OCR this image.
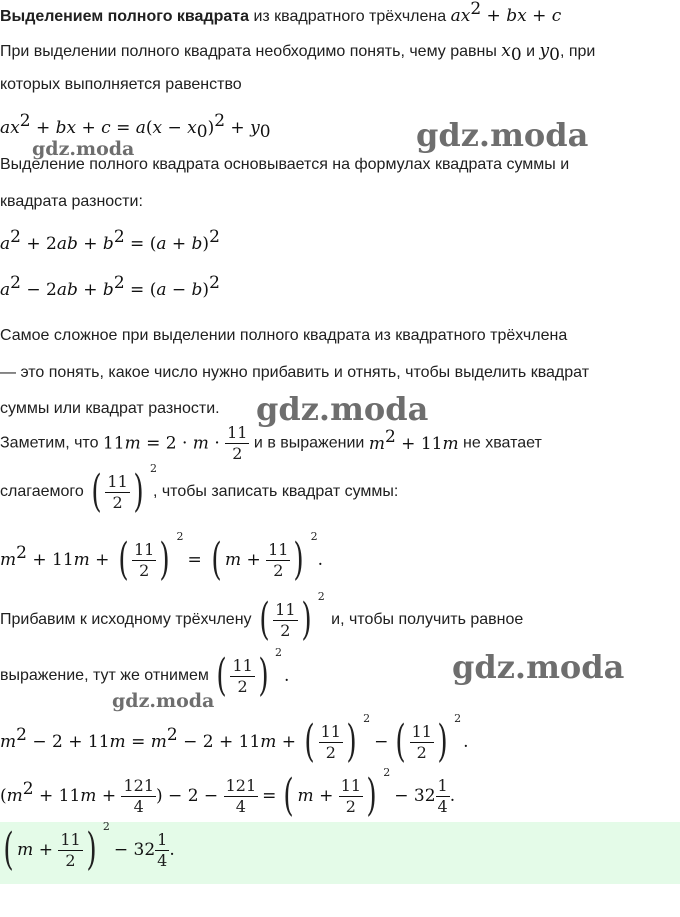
Выделением полного квадрата из квадратного трёхчлена $ax^2$ + bx + c
При выделении полного квадрата необходимо понять, чему равны $x_0$ и $y_0$, при
которых выполняется равенство
$ax^2$ + bx + $c = a(x - x_0)^2 + y_0$
Выделение полного квадрата основывается на формулах квадрата суммы и
квадрата разности:
$a^2 + 2ab + b^2 = (a + b)^2$
$a^2 - 2ab + b^2 = (a - b)^2$
Самое сложное при выделении полного квадрата из квадратного трёхчлена
— это понять, какое число нужно прибавить и отнять, чтобы выделить квадрат
суммы или квадрат разности.
Заметим, что $11m = 2 \cdot m \cdot \frac{11}{2}$ и в выражении $m^2 + 11m$ не хватает
слагаемого ( $\frac{11}{2}$ ) 2
, чтобы записать квадрат суммы:
$m^2 + 11m$ + ( $\frac{11}{2}$ ) 2
= ( $m + \frac{11}{2}$ ) 2
.
Прибавим к исходному трёхчлену ( $\frac{11}{2}$ ) 2
и, чтобы получить равное
выражение, тут же отнимем ( $\frac{11}{2}$ ) 2
.
$m^2 - 2 + 11m = m^2 - 2 + 11m$ + ( $\frac{11}{2}$ ) 2
− ( $\frac{11}{2}$ ) 2
.
($m^2 + 11m + \frac{121}{4}$ ) − $2 - \frac{121}{4}$ = ( $m + \frac{11}{2}$ ) 2
− $32 \frac{1}{4}$ .
( $m + \frac{11}{2}$ ) 2
− $32 \frac{1}{4}$ .
gdz.moda
gdz.moda
gdz.moda
gdz.moda
gdz.moda
